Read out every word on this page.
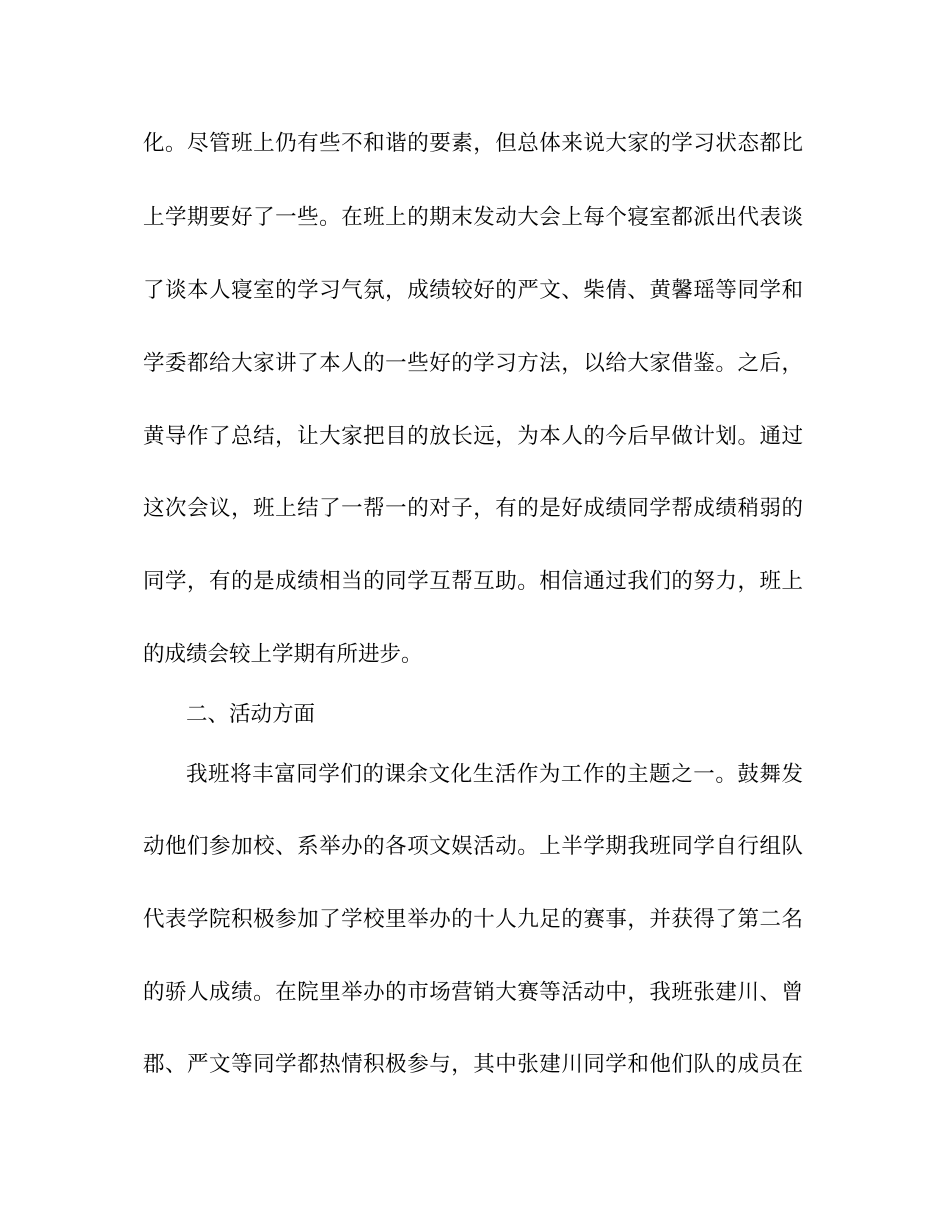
化。尽管班上仍有些不和谐的要素，但总体来说大家的学习状态都比

上学期要好了一些。在班上的期末发动大会上每个寝室都派出代表谈

了谈本人寝室的学习气氛，成绩较好的严文、柴倩、黄馨瑶等同学和

学委都给大家讲了本人的一些好的学习方法，以给大家借鉴。之后，

黄导作了总结，让大家把目的放长远，为本人的今后早做计划。通过

这次会议，班上结了一帮一的对子，有的是好成绩同学帮成绩稍弱的

同学，有的是成绩相当的同学互帮互助。相信通过我们的努力，班上

的成绩会较上学期有所进步。

二、活动方面

我班将丰富同学们的课余文化生活作为工作的主题之一。鼓舞发

动他们参加校、系举办的各项文娱活动。上半学期我班同学自行组队

代表学院积极参加了学校里举办的十人九足的赛事，并获得了第二名

的骄人成绩。在院里举办的市场营销大赛等活动中，我班张建川、曾

郡、严文等同学都热情积极参与，其中张建川同学和他们队的成员在
